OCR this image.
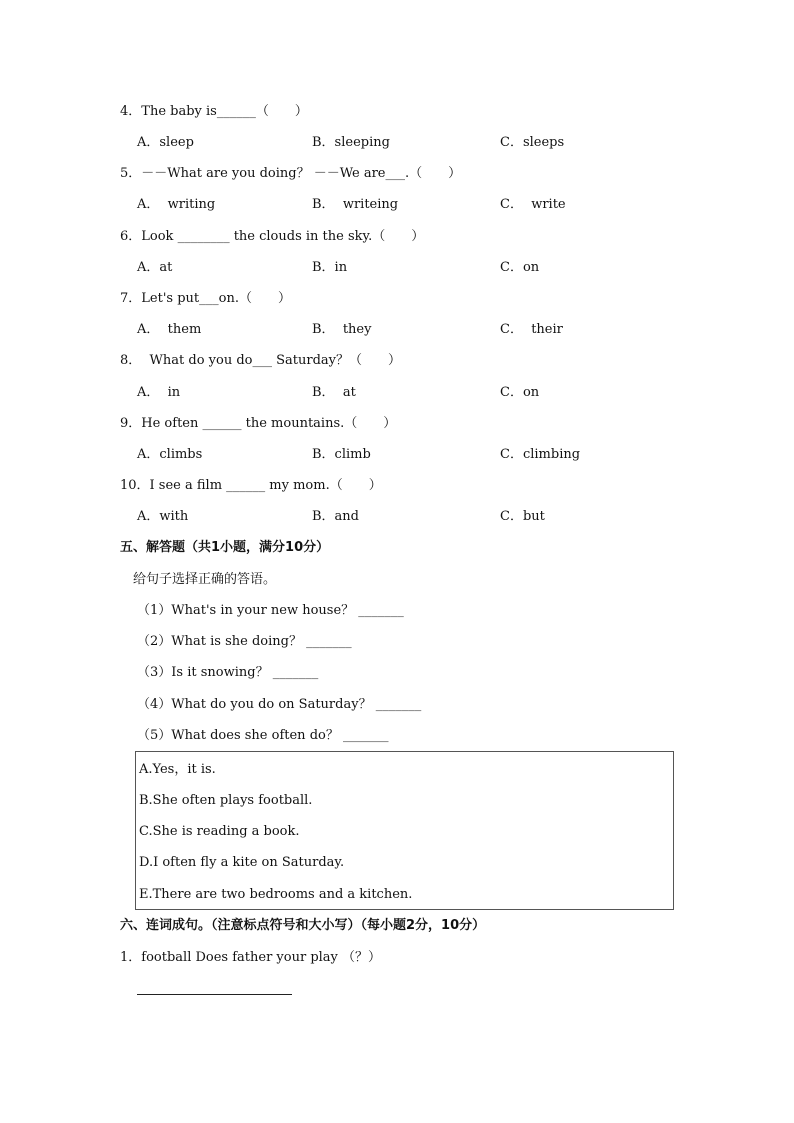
4．The baby is______（　　）
A．sleep	B．sleeping	C．sleeps
5．－－What are you doing？ －－We are___.（　　）
A．  writing	B．  writeing	C．  write
6．Look ________ the clouds in the sky.（　　）
A．at	B．in	C．on
7．Let's put___on.（　　）
A．  them	B．  they	C．  their
8．  What do you do___ Saturday？（　　）
A．  in	B．  at	C．on
9．He often ______ the mountains.（　　）
A．climbs	B．climb	C．climbing
10．I see a film ______ my mom.（　　）
A．with	B．and	C．but
五、解答题（共1小题，满分10分）
给句子选择正确的答语。
（1）What's in your new house？ _______
（2）What is she doing？ _______
（3）Is it snowing？ _______
（4）What do you do on Saturday？ _______
（5）What does she often do？ _______
A.Yes，it is.
B.She often plays football.
C.She is reading a book.
D.I often fly a kite on Saturday.
E.There are two bedrooms and a kitchen.
六、连词成句。（注意标点符号和大小写）（每小题2分，10分）
1．football Does father your play （？）
